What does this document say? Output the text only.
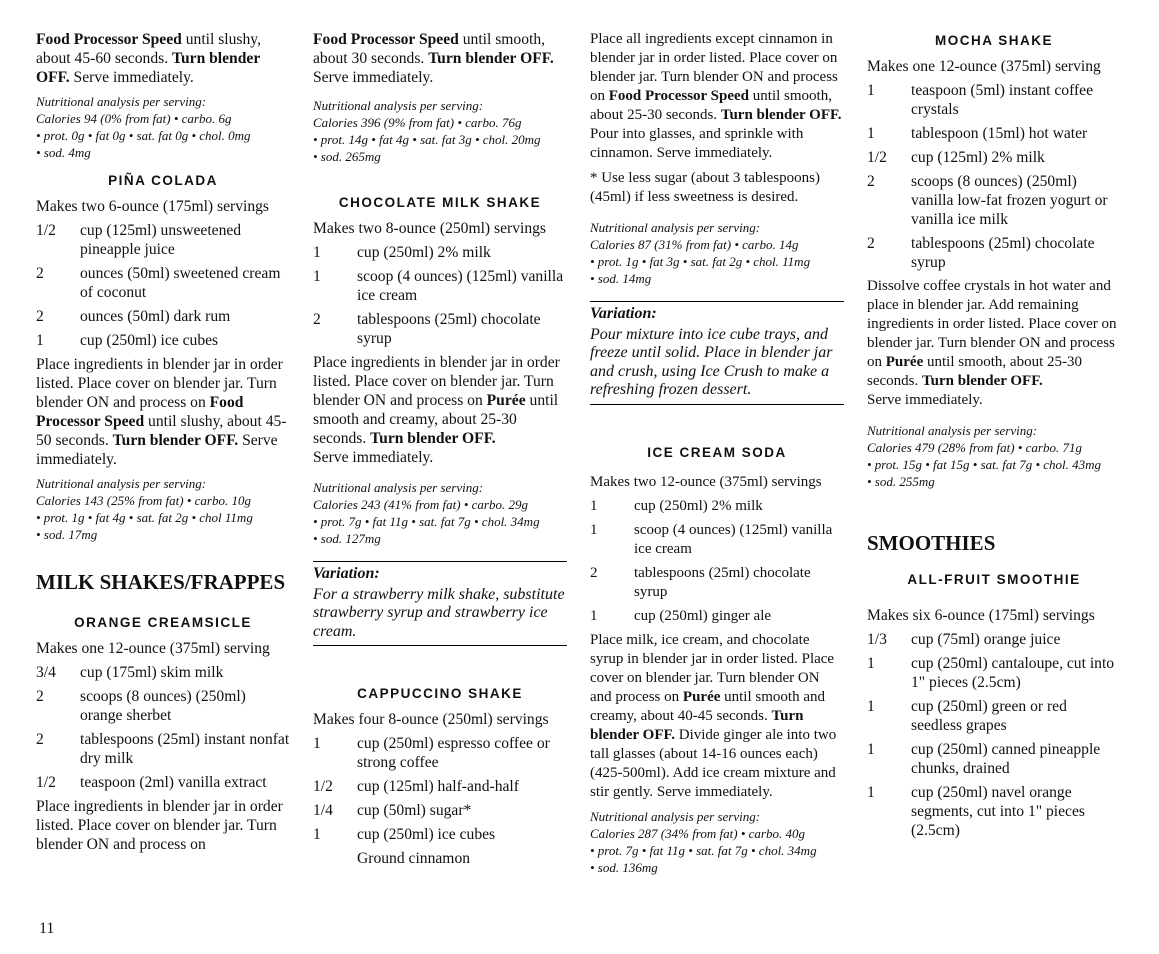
Food Processor Speed until slushy, about 45-60 seconds. Turn blender OFF. Serve immediately.

Nutritional analysis per serving:
Calories 94 (0% from fat) • carbo. 6g
• prot. 0g • fat 0g • sat. fat 0g • chol. 0mg
• sod. 4mg
PIÑA COLADA

Makes two 6-ounce (175ml) servings

1/2	cup (125ml) unsweetened pineapple juice
2	ounces (50ml) sweetened cream of coconut
2	ounces (50ml) dark rum
1	cup (250ml) ice cubes

Place ingredients in blender jar in order listed. Place cover on blender jar. Turn blender ON and process on Food Processor Speed until slushy, about 45-50 seconds. Turn blender OFF. Serve immediately.

Nutritional analysis per serving:
Calories 143 (25% from fat) • carbo. 10g
• prot. 1g • fat 4g • sat. fat 2g • chol 11mg
• sod. 17mg
MILK SHAKES/FRAPPES
ORANGE CREAMSICLE

Makes one 12-ounce (375ml) serving

3/4	cup (175ml) skim milk
2	scoops (8 ounces) (250ml) orange sherbet
2	tablespoons (25ml) instant nonfat dry milk
1/2	teaspoon (2ml) vanilla extract

Place ingredients in blender jar in order listed. Place cover on blender jar. Turn blender ON and process on

Food Processor Speed until smooth, about 30 seconds. Turn blender OFF. Serve immediately.

Nutritional analysis per serving:
Calories 396 (9% from fat) • carbo. 76g
• prot. 14g • fat 4g • sat. fat 3g • chol. 20mg
• sod. 265mg
CHOCOLATE MILK SHAKE

Makes two 8-ounce (250ml) servings

1	cup (250ml) 2% milk
1	scoop (4 ounces) (125ml) vanilla ice cream
2	tablespoons (25ml) chocolate syrup

Place ingredients in blender jar in order listed. Place cover on blender jar. Turn blender ON and process on Purée until smooth and creamy, about 25-30 seconds. Turn blender OFF.
Serve immediately.

Nutritional analysis per serving:
Calories 243 (41% from fat) • carbo. 29g
• prot. 7g • fat 11g • sat. fat 7g • chol. 34mg
• sod. 127mg
Variation:
For a strawberry milk shake, substitute strawberry syrup and strawberry ice cream.
CAPPUCCINO SHAKE

Makes four 8-ounce (250ml) servings

1	cup (250ml) espresso coffee or strong coffee
1/2	cup (125ml) half-and-half
1/4	cup (50ml) sugar*
1	cup (250ml) ice cubes
Ground cinnamon

Place all ingredients except cinnamon in blender jar in order listed. Place cover on blender jar. Turn blender ON and process on Food Processor Speed until smooth, about 25-30 seconds. Turn blender OFF. Pour into glasses, and sprinkle with cinnamon. Serve immediately.

* Use less sugar (about 3 tablespoons) (45ml) if less sweetness is desired.

Nutritional analysis per serving:
Calories 87 (31% from fat) • carbo. 14g
• prot. 1g • fat 3g • sat. fat 2g • chol. 11mg
• sod. 14mg
Variation:
Pour mixture into ice cube trays, and freeze until solid. Place in blender jar and crush, using Ice Crush to make a refreshing frozen dessert.
ICE CREAM SODA

Makes two 12-ounce (375ml) servings

1	cup (250ml) 2% milk
1	scoop (4 ounces) (125ml) vanilla ice cream
2	tablespoons (25ml) chocolate syrup
1	cup (250ml) ginger ale

Place milk, ice cream, and chocolate syrup in blender jar in order listed. Place cover on blender jar. Turn blender ON and process on Purée until smooth and creamy, about 40-45 seconds. Turn blender OFF. Divide ginger ale into two tall glasses (about 14-16 ounces each) (425-500ml). Add ice cream mixture and stir gently. Serve immediately.

Nutritional analysis per serving:
Calories 287 (34% from fat) • carbo. 40g
• prot. 7g • fat 11g • sat. fat 7g • chol. 34mg
• sod. 136mg
MOCHA SHAKE

Makes one 12-ounce (375ml) serving

1	teaspoon (5ml) instant coffee crystals
1	tablespoon (15ml) hot water
1/2	cup (125ml) 2% milk
2	scoops (8 ounces) (250ml) vanilla low-fat frozen yogurt or vanilla ice milk
2	tablespoons (25ml) chocolate syrup

Dissolve coffee crystals in hot water and place in blender jar. Add remaining ingredients in order listed. Place cover on blender jar. Turn blender ON and process on Purée until smooth, about 25-30 seconds. Turn blender OFF.
Serve immediately.

Nutritional analysis per serving:
Calories 479 (28% from fat) • carbo. 71g
• prot. 15g • fat 15g • sat. fat 7g • chol. 43mg
• sod. 255mg
SMOOTHIES
ALL-FRUIT SMOOTHIE

Makes six 6-ounce (175ml) servings

1/3	cup (75ml) orange juice
1	cup (250ml) cantaloupe, cut into 1" pieces (2.5cm)
1	cup (250ml) green or red seedless grapes
1	cup (250ml) canned pineapple chunks, drained
1	cup (250ml) navel orange segments, cut into 1" pieces (2.5cm)
11
